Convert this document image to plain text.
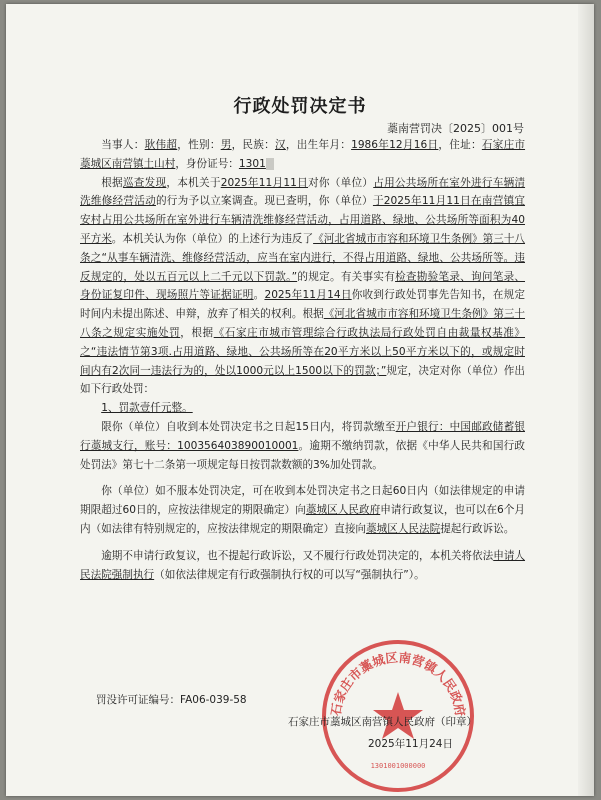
行政处罚决定书
藁南营罚决〔2025〕001号

当事人：耿伟超，性别：男，民族：汉，出生年月：1986年12月16日，住址：石家庄市藁城区南营镇土山村，身份证号：1301

根据巡查发现，本机关于2025年11月11日对你（单位）占用公共场所在室外进行车辆清洗维修经营活动的行为予以立案调查。现已查明，你（单位）于2025年11月11日在南营镇宜安村占用公共场所在室外进行车辆清洗维修经营活动，占用道路、绿地、公共场所等面积为40平方米。本机关认为你（单位）的上述行为违反了《河北省城市市容和环境卫生条例》第三十八条之“从事车辆清洗、维修经营活动，应当在室内进行，不得占用道路、绿地、公共场所等。违反规定的，处以五百元以上二千元以下罚款。”的规定。有关事实有检查勘验笔录、询问笔录、身份证复印件、现场照片等证据证明。2025年11月14日你收到行政处罚事先告知书，在规定时间内未提出陈述、申辩，放弃了相关的权利。根据《河北省城市市容和环境卫生条例》第三十八条之规定实施处罚，根据《石家庄市城市管理综合行政执法局行政处罚自由裁量权基准》之“违法情节第3项.占用道路、绿地、公共场所等在20平方米以上50平方米以下的，或规定时间内有2次同一违法行为的，处以1000元以上1500以下的罚款；”规定，决定对你（单位）作出如下行政处罚：

1、罚款壹仟元整。

限你（单位）自收到本处罚决定书之日起15日内，将罚款缴至开户银行：中国邮政储蓄银行藁城支行，账号：100356403890010001。逾期不缴纳罚款，依据《中华人民共和国行政处罚法》第七十二条第一项规定每日按罚款数额的3%加处罚款。

你（单位）如不服本处罚决定，可在收到本处罚决定书之日起60日内（如法律规定的申请期限超过60日的，应按法律规定的期限确定）向藁城区人民政府申请行政复议，也可以在6个月内（如法律有特别规定的，应按法律规定的期限确定）直接向藁城区人民法院提起行政诉讼。

逾期不申请行政复议，也不提起行政诉讼，又不履行行政处罚决定的，本机关将依法申请人民法院强制执行（如依法律规定有行政强制执行权的可以写“强制执行”）。

罚没许可证编号：FA06-039-58
石家庄市藁城区南营镇人民政府
1301001000000
石家庄市藁城区南营镇人民政府（印章）
2025年11月24日
